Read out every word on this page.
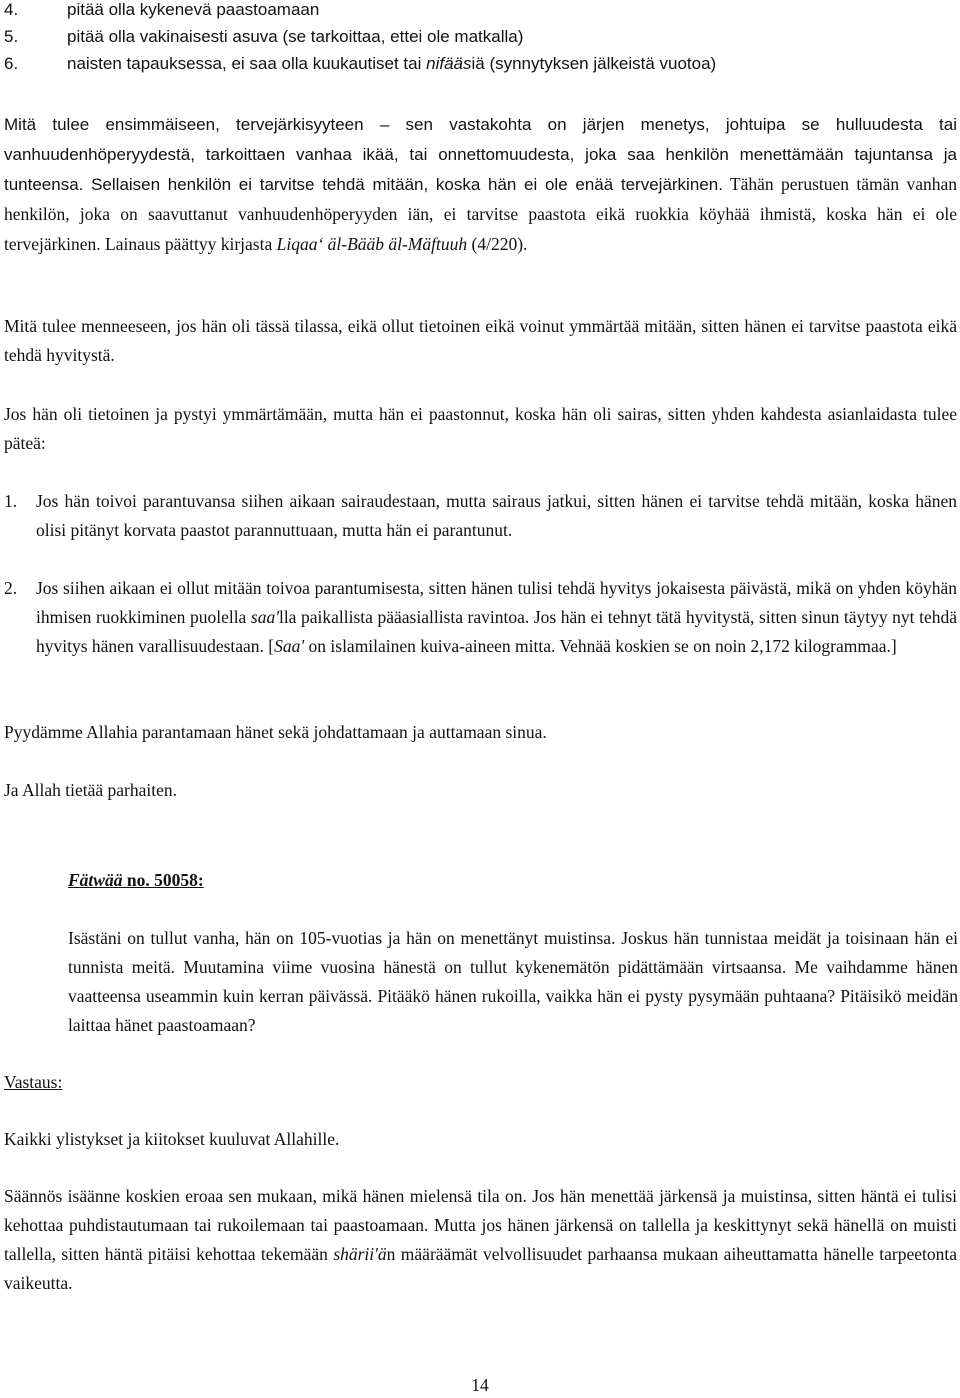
4.	pitää olla kykenevä paastoamaan

5.	pitää olla vakinaisesti asuva (se tarkoittaa, ettei ole matkalla)

6.	naisten tapauksessa, ei saa olla kuukautiset tai nifääsiä (synnytyksen jälkeistä vuotoa)

Mitä tulee ensimmäiseen, tervejärkisyyteen – sen vastakohta on järjen menetys, johtuipa se hulluudesta tai vanhuudenhöperyydestä, tarkoittaen vanhaa ikää, tai onnettomuudesta, joka saa henkilön menettämään tajuntansa ja tunteensa. Sellaisen henkilön ei tarvitse tehdä mitään, koska hän ei ole enää tervejärkinen. Tähän perustuen tämän vanhan henkilön, joka on saavuttanut vanhuudenhöperyyden iän, ei tarvitse paastota eikä ruokkia köyhää ihmistä, koska hän ei ole tervejärkinen. Lainaus päättyy kirjasta Liqaa‘ äl-Bääb äl-Mäftuuh (4/220).

Mitä tulee menneeseen, jos hän oli tässä tilassa, eikä ollut tietoinen eikä voinut ymmärtää mitään, sitten hänen ei tarvitse paastota eikä tehdä hyvitystä.

Jos hän oli tietoinen ja pystyi ymmärtämään, mutta hän ei paastonnut, koska hän oli sairas, sitten yhden kahdesta asianlaidasta tulee päteä:

1.	Jos hän toivoi parantuvansa siihen aikaan sairaudestaan, mutta sairaus jatkui, sitten hänen ei tarvitse tehdä mitään, koska hänen olisi pitänyt korvata paastot parannuttuaan, mutta hän ei parantunut.
2.	Jos siihen aikaan ei ollut mitään toivoa parantumisesta, sitten hänen tulisi tehdä hyvitys jokaisesta päivästä, mikä on yhden köyhän ihmisen ruokkiminen puolella saa'lla paikallista pääasiallista ravintoa. Jos hän ei tehnyt tätä hyvitystä, sitten sinun täytyy nyt tehdä hyvitys hänen varallisuudestaan. [Saa' on islamilainen kuiva-aineen mitta. Vehnää koskien se on noin 2,172 kilogrammaa.]

Pyydämme Allahia parantamaan hänet sekä johdattamaan ja auttamaan sinua.

Ja Allah tietää parhaiten.

Fätwää no. 50058:

Isästäni on tullut vanha, hän on 105-vuotias ja hän on menettänyt muistinsa. Joskus hän tunnistaa meidät ja toisinaan hän ei tunnista meitä. Muutamina viime vuosina hänestä on tullut kykenemätön pidättämään virtsaansa. Me vaihdamme hänen vaatteensa useammin kuin kerran päivässä. Pitääkö hänen rukoilla, vaikka hän ei pysty pysymään puhtaana? Pitäisikö meidän laittaa hänet paastoamaan?

Vastaus:

Kaikki ylistykset ja kiitokset kuuluvat Allahille.

Säännös isäänne koskien eroaa sen mukaan, mikä hänen mielensä tila on. Jos hän menettää järkensä ja muistinsa, sitten häntä ei tulisi kehottaa puhdistautumaan tai rukoilemaan tai paastoamaan. Mutta jos hänen järkensä on tallella ja keskittynyt sekä hänellä on muisti tallella, sitten häntä pitäisi kehottaa tekemään shärii'än määräämät velvollisuudet parhaansa mukaan aiheuttamatta hänelle tarpeetonta vaikeutta.

14
